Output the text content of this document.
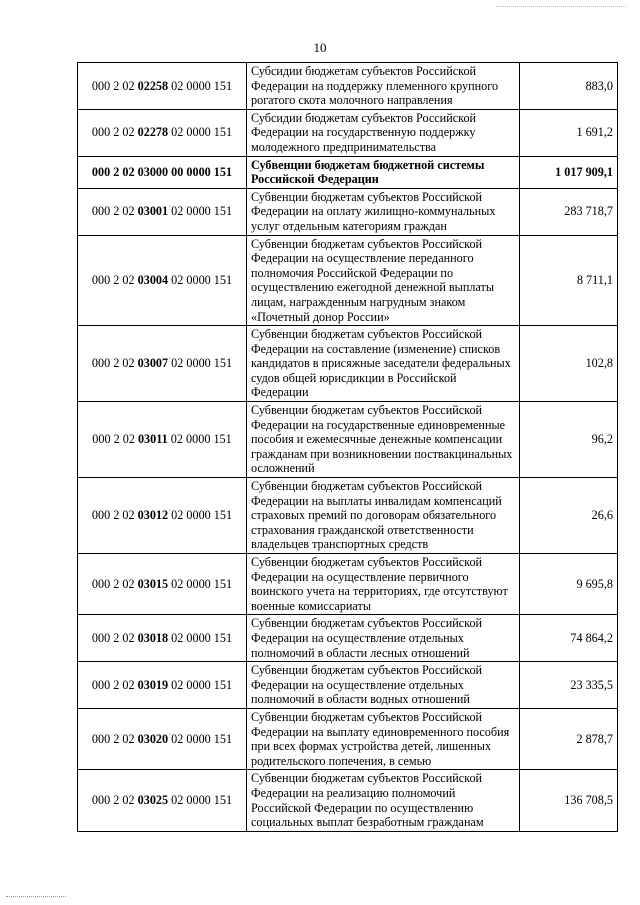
10
000 2 02 02258 02 0000 151	Субсидии бюджетам субъектов Российской Федерации на поддержку племенного крупного рогатого скота молочного направления	883,0
000 2 02 02278 02 0000 151	Субсидии бюджетам субъектов Российской Федерации на государственную поддержку молодежного предпринимательства	1 691,2
000 2 02 03000 00 0000 151	Субвенции бюджетам бюджетной системы Российской Федерации	1 017 909,1
000 2 02 03001 02 0000 151	Субвенции бюджетам субъектов Российской Федерации на оплату жилищно-коммунальных услуг отдельным категориям граждан	283 718,7
000 2 02 03004 02 0000 151	Субвенции бюджетам субъектов Российской Федерации на осуществление переданного полномочия Российской Федерации по осуществлению ежегодной денежной выплаты лицам, награжденным нагрудным знаком «Почетный донор России»	8 711,1
000 2 02 03007 02 0000 151	Субвенции бюджетам субъектов Российской Федерации на составление (изменение) списков кандидатов в присяжные заседатели федеральных судов общей юрисдикции в Российской Федерации	102,8
000 2 02 03011 02 0000 151	Субвенции бюджетам субъектов Российской Федерации на государственные единовременные пособия и ежемесячные денежные компенсации гражданам при возникновении поствакцинальных осложнений	96,2
000 2 02 03012 02 0000 151	Субвенции бюджетам субъектов Российской Федерации на выплаты инвалидам компенсаций страховых премий по договорам обязательного страхования гражданской ответственности владельцев транспортных средств	26,6
000 2 02 03015 02 0000 151	Субвенции бюджетам субъектов Российской Федерации на осуществление первичного воинского учета на территориях, где отсутствуют военные комиссариаты	9 695,8
000 2 02 03018 02 0000 151	Субвенции бюджетам субъектов Российской Федерации на осуществление отдельных полномочий в области лесных отношений	74 864,2
000 2 02 03019 02 0000 151	Субвенции бюджетам субъектов Российской Федерации на осуществление отдельных полномочий в области водных отношений	23 335,5
000 2 02 03020 02 0000 151	Субвенции бюджетам субъектов Российской Федерации на выплату единовременного пособия при всех формах устройства детей, лишенных родительского попечения, в семью	2 878,7
000 2 02 03025 02 0000 151	Субвенции бюджетам субъектов Российской Федерации на реализацию полномочий Российской Федерации по осуществлению социальных выплат безработным гражданам	136 708,5
